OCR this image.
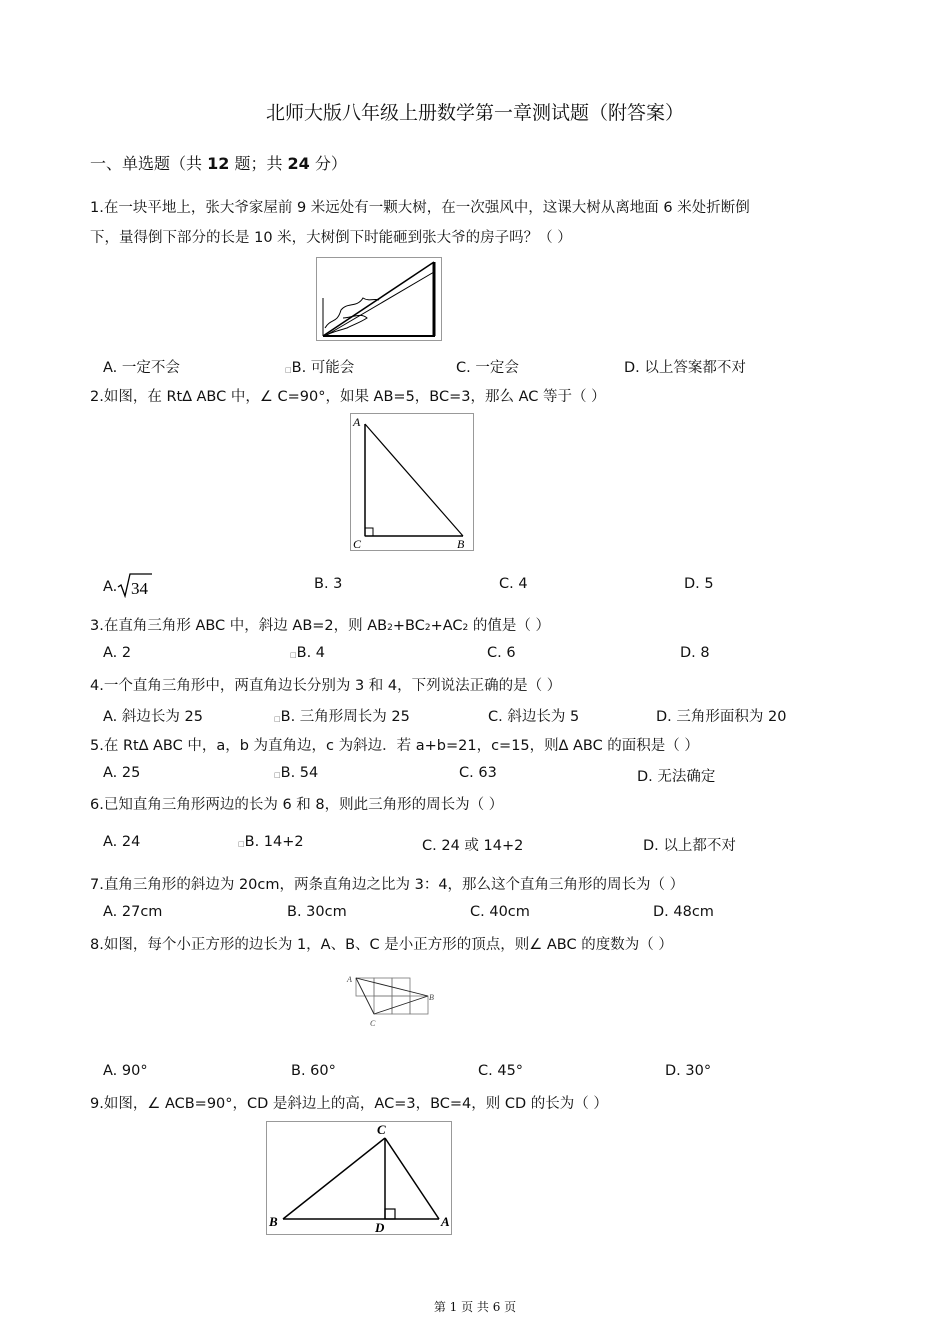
北师大版八年级上册数学第一章测试题（附答案）
一、单选题（共 12 题；共 24 分）
1.在一块平地上，张大爷家屋前 9 米远处有一颗大树，在一次强风中，这课大树从离地面 6 米处折断倒
下，量得倒下部分的长是 10 米，大树倒下时能砸到张大爷的房子吗？（ ）
A. 一定不会	□B. 可能会	C. 一定会	D. 以上答案都不对
2.如图，在 Rt∆ ABC 中，∠ C=90°，如果 AB=5，BC=3，那么 AC 等于（ ）
A
C	B
A. 34	B. 3	C. 4	D. 5
3.在直角三角形 ABC 中，斜边 AB=2，则 AB2+BC2+AC2 的值是（ ）
A. 2	□B. 4	C. 6	D. 8
4.一个直角三角形中，两直角边长分别为 3 和 4，下列说法正确的是（ ）
A. 斜边长为 25	□B. 三角形周长为 25	C. 斜边长为 5	D. 三角形面积为 20
5.在 Rt∆ ABC 中，a，b 为直角边，c 为斜边．若 a+b=21，c=15，则∆ ABC 的面积是（ ）
A. 25	□B. 54	C. 63	D. 无法确定
6.已知直角三角形两边的长为 6 和 8，则此三角形的周长为（ ）
A. 24	□B. 14+2	C. 24 或 14+2	D. 以上都不对
7.直角三角形的斜边为 20cm，两条直角边之比为 3：4，那么这个直角三角形的周长为（ ）
A. 27cm	B. 30cm	C. 40cm	D. 48cm
8.如图，每个小正方形的边长为 1，A、B、C 是小正方形的顶点，则∠ ABC 的度数为（ ）
A
B
C
A. 90°	B. 60°	C. 45°	D. 30°
9.如图，∠ ACB=90°，CD 是斜边上的高，AC=3，BC=4，则 CD 的长为（ ）
C
B	A
D
第 1 页 共 6 页
